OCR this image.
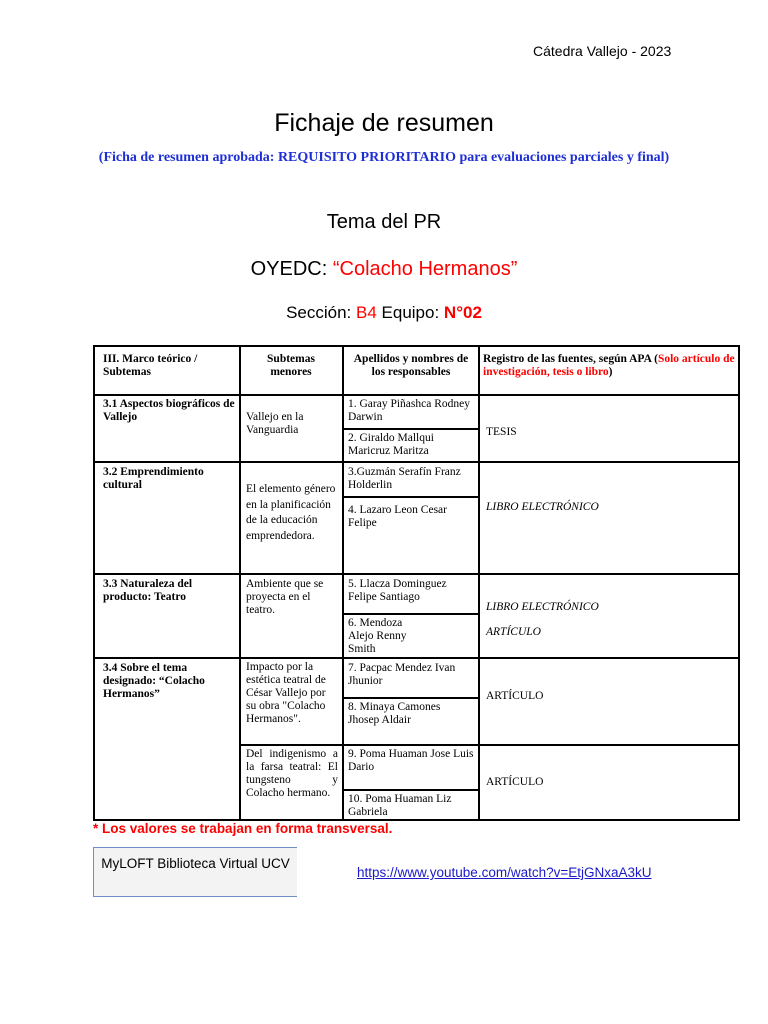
Cátedra Vallejo - 2023
Fichaje de resumen
(Ficha de resumen aprobada: REQUISITO PRIORITARIO para evaluaciones parciales y final)
Tema del PR
OYEDC: “Colacho Hermanos”
Sección: B4 Equipo: N°02
III. Marco teórico / Subtemas
Subtemas menores
Apellidos y nombres de los responsables
Registro de las fuentes, según APA (Solo artículo de investigación, tesis o libro)
3.1 Aspectos biográficos de Vallejo	Vallejo en la Vanguardia
1. Garay Piñashca Rodney Darwin
2. Giraldo Mallqui Maricruz Maritza
TESIS
3.2 Emprendimiento cultural	El elemento género en la planificación de la educación emprendedora.
3.Guzmán Serafín Franz Holderlin
4. Lazaro Leon Cesar Felipe
LIBRO ELECTRÓNICO
3.3 Naturaleza del producto: Teatro
Ambiente que se proyecta en el teatro.
5. Llacza Dominguez Felipe Santiago
6. Mendoza Alejo Renny Smith
LIBRO ELECTRÓNICO
ARTÍCULO
3.4 Sobre el tema designado: “Colacho Hermanos”
Impacto por la estética teatral de César Vallejo por su obra "Colacho Hermanos".
7. Pacpac Mendez Ivan Jhunior
8. Minaya Camones Jhosep Aldair
ARTÍCULO
Del indigenismo a la farsa teatral: El tungsteno y Colacho hermano.
9. Poma Huaman Jose Luis Dario
10. Poma Huaman Liz Gabriela
ARTÍCULO
* Los valores se trabajan en forma transversal.
MyLOFT Biblioteca Virtual UCV
https://www.youtube.com/watch?v=EtjGNxaA3kU
